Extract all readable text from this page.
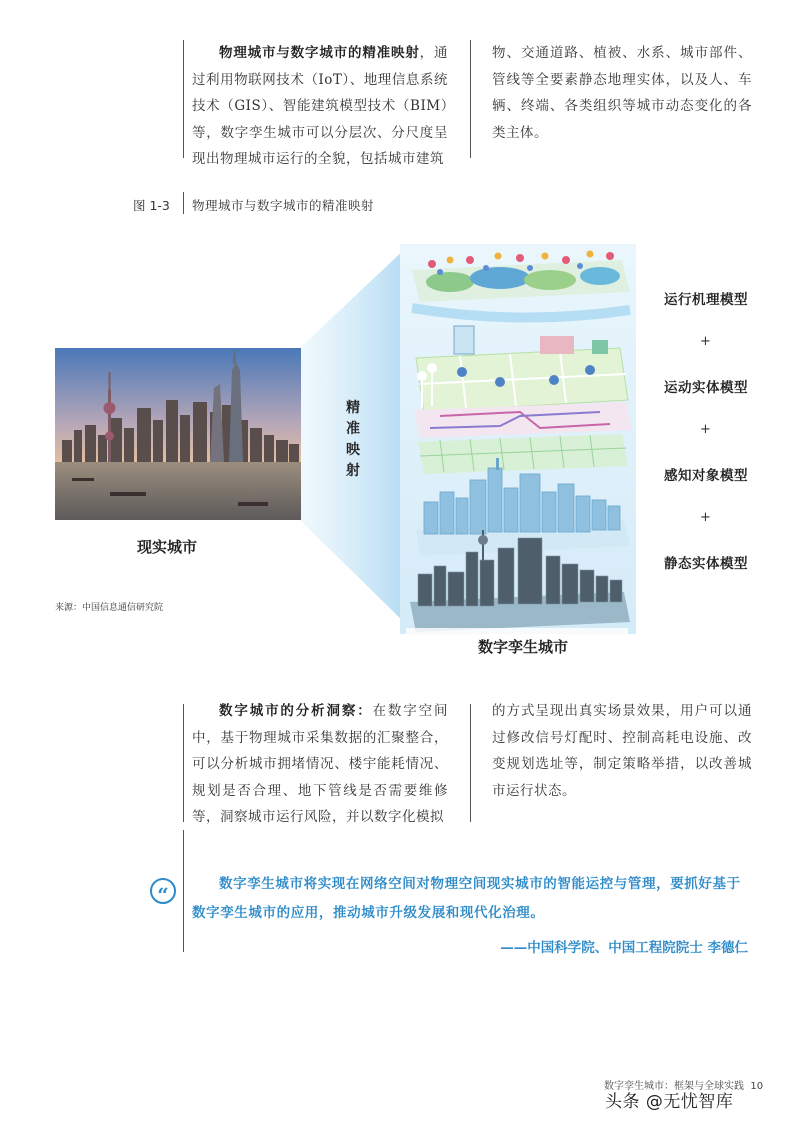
物理城市与数字城市的精准映射，通过利用物联网技术（IoT）、地理信息系统技术（GIS）、智能建筑模型技术（BIM）等，数字孪生城市可以分层次、分尺度呈现出物理城市运行的全貌，包括城市建筑

物、交通道路、植被、水系、城市部件、管线等全要素静态地理实体，以及人、车辆、终端、各类组织等城市动态变化的各类主体。

图 1-3 物理城市与数字城市的精准映射
精准映射
现实城市
来源：中国信息通信研究院
数字孪生城市
运行机理模型
+
运动实体模型
+
感知对象模型
+
静态实体模型

数字城市的分析洞察：在数字空间中，基于物理城市采集数据的汇聚整合，可以分析城市拥堵情况、楼宇能耗情况、规划是否合理、地下管线是否需要维修等，洞察城市运行风险，并以数字化模拟

的方式呈现出真实场景效果，用户可以通过修改信号灯配时、控制高耗电设施、改变规划选址等，制定策略举措，以改善城市运行状态。

“	数字孪生城市将实现在网络空间对物理空间现实城市的智能运控与管理，要抓好基于数字孪生城市的应用，推动城市升级发展和现代化治理。

——中国科学院、中国工程院院士 李德仁
数字孪生城市：框架与全球实践 10
头条 @无忧智库
